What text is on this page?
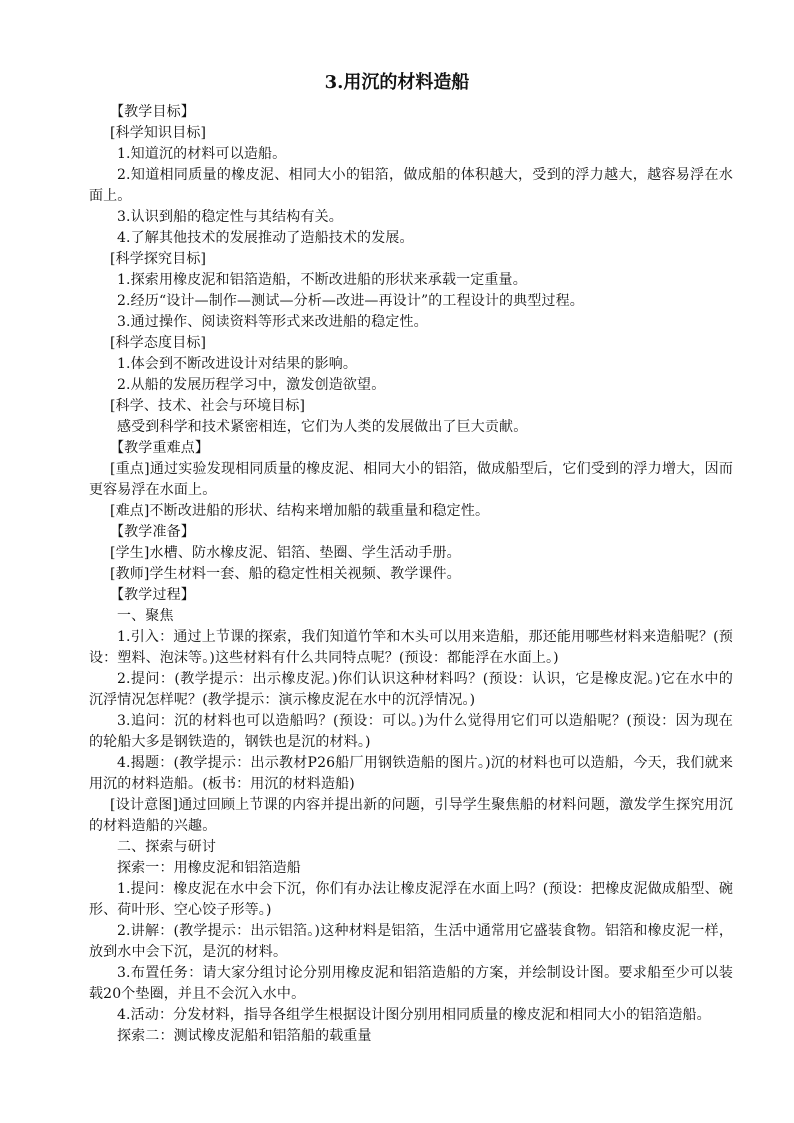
3.用沉的材料造船

【教学目标】

[科学知识目标]

1.知道沉的材料可以造船。

2.知道相同质量的橡皮泥、相同大小的铝箔，做成船的体积越大，受到的浮力越大，越容易浮在水面上。

3.认识到船的稳定性与其结构有关。

4.了解其他技术的发展推动了造船技术的发展。

[科学探究目标]

1.探索用橡皮泥和铝箔造船，不断改进船的形状来承载一定重量。

2.经历“设计—制作—测试—分析—改进—再设计”的工程设计的典型过程。

3.通过操作、阅读资料等形式来改进船的稳定性。

[科学态度目标]

1.体会到不断改进设计对结果的影响。

2.从船的发展历程学习中，激发创造欲望。

[科学、技术、社会与环境目标]

感受到科学和技术紧密相连，它们为人类的发展做出了巨大贡献。

【教学重难点】

[重点]通过实验发现相同质量的橡皮泥、相同大小的铝箔，做成船型后，它们受到的浮力增大，因而更容易浮在水面上。

[难点]不断改进船的形状、结构来增加船的载重量和稳定性。

【教学准备】

[学生]水槽、防水橡皮泥、铝箔、垫圈、学生活动手册。

[教师]学生材料一套、船的稳定性相关视频、教学课件。

【教学过程】

一、聚焦

1.引入：通过上节课的探索，我们知道竹竿和木头可以用来造船，那还能用哪些材料来造船呢？(预设：塑料、泡沫等。)这些材料有什么共同特点呢？(预设：都能浮在水面上。)

2.提问：(教学提示：出示橡皮泥。)你们认识这种材料吗？(预设：认识，它是橡皮泥。)它在水中的沉浮情况怎样呢？(教学提示：演示橡皮泥在水中的沉浮情况。)

3.追问：沉的材料也可以造船吗？(预设：可以。)为什么觉得用它们可以造船呢？(预设：因为现在的轮船大多是钢铁造的，钢铁也是沉的材料。)

4.揭题：(教学提示：出示教材P26船厂用钢铁造船的图片。)沉的材料也可以造船，今天，我们就来用沉的材料造船。(板书：用沉的材料造船)

[设计意图]通过回顾上节课的内容并提出新的问题，引导学生聚焦船的材料问题，激发学生探究用沉的材料造船的兴趣。

二、探索与研讨

探索一：用橡皮泥和铝箔造船

1.提问：橡皮泥在水中会下沉，你们有办法让橡皮泥浮在水面上吗？(预设：把橡皮泥做成船型、碗形、荷叶形、空心饺子形等。)

2.讲解：(教学提示：出示铝箔。)这种材料是铝箔，生活中通常用它盛装食物。铝箔和橡皮泥一样，放到水中会下沉，是沉的材料。

3.布置任务：请大家分组讨论分别用橡皮泥和铝箔造船的方案，并绘制设计图。要求船至少可以装载20个垫圈，并且不会沉入水中。

4.活动：分发材料，指导各组学生根据设计图分别用相同质量的橡皮泥和相同大小的铝箔造船。

探索二：测试橡皮泥船和铝箔船的载重量
